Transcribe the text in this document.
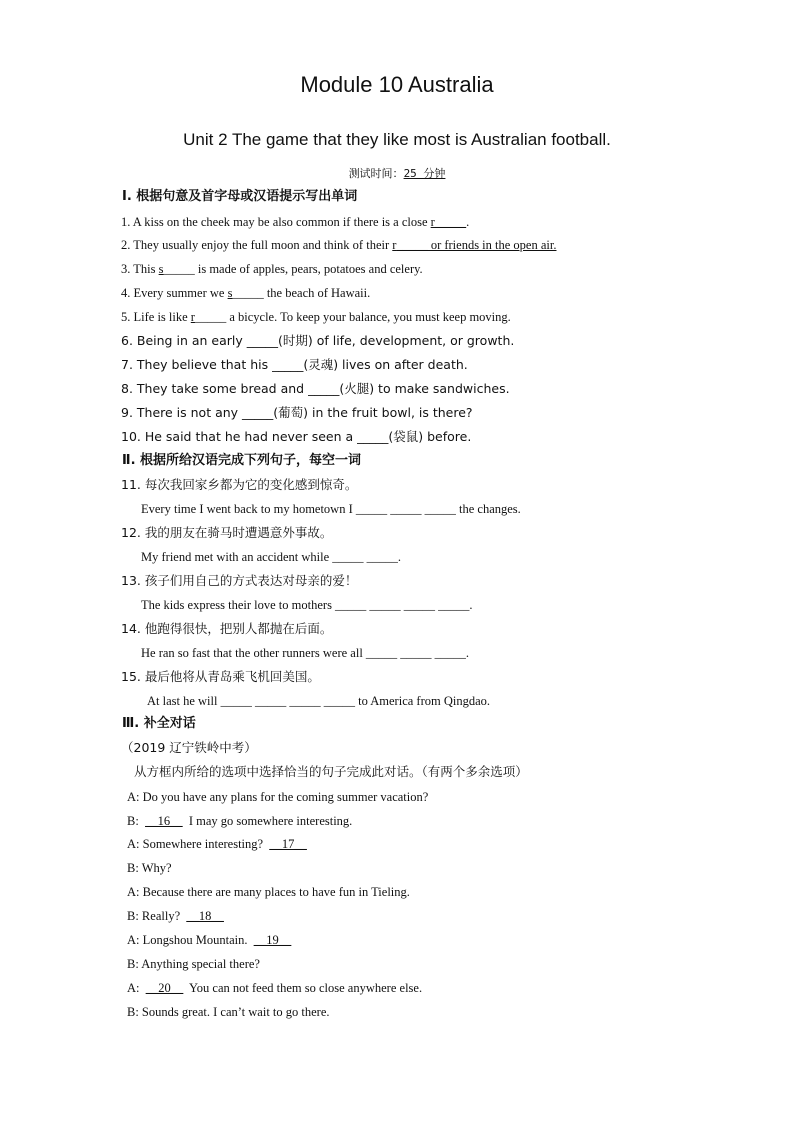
Module 10 Australia
Unit 2 The game that they like most is Australian football.
测试时间：25 分钟
Ⅰ. 根据句意及首字母或汉语提示写出单词
1. A kiss on the cheek may be also common if there is a close r_____.
2. They usually enjoy the full moon and think of their r_____ or friends in the open air.
3. This s_____ is made of apples, pears, potatoes and celery.
4. Every summer we s_____ the beach of Hawaii.
5. Life is like r_____ a bicycle. To keep your balance, you must keep moving.
6. Being in an early _____(时期) of life, development, or growth.
7. They believe that his _____(灵魂) lives on after death.
8. They take some bread and _____(火腿) to make sandwiches.
9. There is not any _____(葡萄) in the fruit bowl, is there?
10. He said that he had never seen a _____(袋鼠) before.
Ⅱ. 根据所给汉语完成下列句子，每空一词
11. 每次我回家乡都为它的变化感到惊奇。
Every time I went back to my hometown I _____ _____ _____ the changes.
12. 我的朋友在骑马时遭遇意外事故。
My friend met with an accident while _____ _____.
13. 孩子们用自己的方式表达对母亲的爱！
The kids express their love to mothers _____ _____ _____ _____.
14. 他跑得很快，把别人都抛在后面。
He ran so fast that the other runners were all _____ _____ _____.
15. 最后他将从青岛乘飞机回美国。
At last he will _____ _____ _____ _____ to America from Qingdao.
Ⅲ. 补全对话
（2019 辽宁铁岭中考）
从方框内所给的选项中选择恰当的句子完成此对话。（有两个多余选项）
A: Do you have any plans for the coming summer vacation?
B:  __16__  I may go somewhere interesting.
A: Somewhere interesting?  __17__
B: Why?
A: Because there are many places to have fun in Tieling.
B: Really?  __18__
A: Longshou Mountain.  __19__
B: Anything special there?
A:  __20__  You can not feed them so close anywhere else.
B: Sounds great. I can’t wait to go there.
